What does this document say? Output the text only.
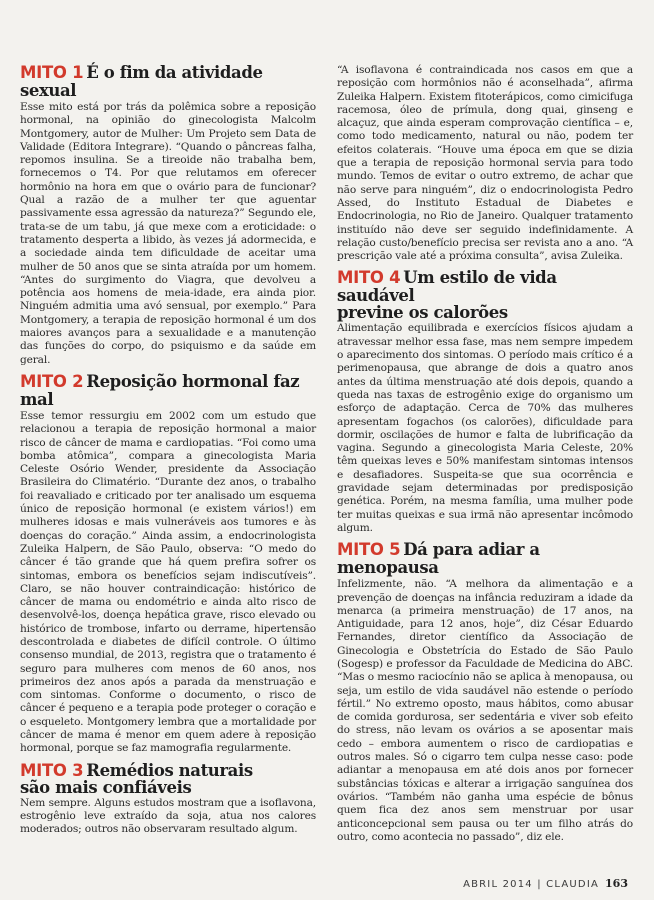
MITO 1 É o fim da atividade sexual

Esse mito está por trás da polêmica sobre a reposição hormonal, na opinião do ginecologista Malcolm Montgomery, autor de Mulher: Um Projeto sem Data de Validade (Editora Integrare). “Quando o pâncreas falha, repomos insulina. Se a tireoide não trabalha bem, fornecemos o T4. Por que relutamos em oferecer hormônio na hora em que o ovário para de funcionar? Qual a razão de a mulher ter que aguentar passivamente essa agressão da natureza?” Segundo ele, trata-se de um tabu, já que mexe com a eroticidade: o tratamento desperta a libido, às vezes já adormecida, e a sociedade ainda tem dificuldade de aceitar uma mulher de 50 anos que se sinta atraída por um homem. “Antes do surgimento do Viagra, que devolveu a potência aos homens de meia-idade, era ainda pior. Ninguém admitia uma avó sensual, por exemplo.” Para Montgomery, a terapia de reposição hormonal é um dos maiores avanços para a sexualidade e a manutenção das funções do corpo, do psiquismo e da saúde em geral.

MITO 2 Reposição hormonal faz mal

Esse temor ressurgiu em 2002 com um estudo que relacionou a terapia de reposição hormonal a maior risco de câncer de mama e cardiopatias. “Foi como uma bomba atômica”, compara a ginecologista Maria Celeste Osório Wender, presidente da Associação Brasileira do Climatério. “Durante dez anos, o trabalho foi reavaliado e criticado por ter analisado um esquema único de reposição hormonal (e existem vários!) em mulheres idosas e mais vulneráveis aos tumores e às doenças do coração.” Ainda assim, a endocrinologista Zuleika Halpern, de São Paulo, observa: “O medo do câncer é tão grande que há quem prefira sofrer os sintomas, embora os benefícios sejam indiscutíveis”. Claro, se não houver contraindicação: histórico de câncer de mama ou endométrio e ainda alto risco de desenvolvê-los, doença hepática grave, risco elevado ou histórico de trombose, infarto ou derrame, hipertensão descontrolada e diabetes de difícil controle. O último consenso mundial, de 2013, registra que o tratamento é seguro para mulheres com menos de 60 anos, nos primeiros dez anos após a parada da menstruação e com sintomas. Conforme o documento, o risco de câncer é pequeno e a terapia pode proteger o coração e o esqueleto. Montgomery lembra que a mortalidade por câncer de mama é menor em quem adere à reposição hormonal, porque se faz mamografia regularmente.

MITO 3 Remédios naturais
são mais confiáveis

Nem sempre. Alguns estudos mostram que a isoflavona, estrogênio leve extraído da soja, atua nos calores moderados; outros não observaram resultado algum.

“A isoflavona é contraindicada nos casos em que a reposição com hormônios não é aconselhada”, afirma Zuleika Halpern. Existem fitoterápicos, como cimicifuga racemosa, óleo de prímula, dong quai, ginseng e alcaçuz, que ainda esperam comprovação científica – e, como todo medicamento, natural ou não, podem ter efeitos colaterais. “Houve uma época em que se dizia que a terapia de reposição hormonal servia para todo mundo. Temos de evitar o outro extremo, de achar que não serve para ninguém”, diz o endocrinologista Pedro Assed, do Instituto Estadual de Diabetes e Endocrinologia, no Rio de Janeiro. Qualquer tratamento instituído não deve ser seguido indefinidamente. A relação custo/benefício precisa ser revista ano a ano. “A prescrição vale até a próxima consulta”, avisa Zuleika.

MITO 4 Um estilo de vida saudável
previne os calorões

Alimentação equilibrada e exercícios físicos ajudam a atravessar melhor essa fase, mas nem sempre impedem o aparecimento dos sintomas. O período mais crítico é a perimenopausa, que abrange de dois a quatro anos antes da última menstruação até dois depois, quando a queda nas taxas de estrogênio exige do organismo um esforço de adaptação. Cerca de 70% das mulheres apresentam fogachos (os calorões), dificuldade para dormir, oscilações de humor e falta de lubrificação da vagina. Segundo a ginecologista Maria Celeste, 20% têm queixas leves e 50% manifestam sintomas intensos e desafiadores. Suspeita-se que sua ocorrência e gravidade sejam determinadas por predisposição genética. Porém, na mesma família, uma mulher pode ter muitas queixas e sua irmã não apresentar incômodo algum.

MITO 5 Dá para adiar a menopausa

Infelizmente, não. “A melhora da alimentação e a prevenção de doenças na infância reduziram a idade da menarca (a primeira menstruação) de 17 anos, na Antiguidade, para 12 anos, hoje”, diz César Eduardo Fernandes, diretor científico da Associação de Ginecologia e Obstetrícia do Estado de São Paulo (Sogesp) e professor da Faculdade de Medicina do ABC. “Mas o mesmo raciocínio não se aplica à menopausa, ou seja, um estilo de vida saudável não estende o período fértil.” No extremo oposto, maus hábitos, como abusar de comida gordurosa, ser sedentária e viver sob efeito do stress, não levam os ovários a se aposentar mais cedo – embora aumentem o risco de cardiopatias e outros males. Só o cigarro tem culpa nesse caso: pode adiantar a menopausa em até dois anos por fornecer substâncias tóxicas e alterar a irrigação sanguínea dos ovários. “Também não ganha uma espécie de bônus quem fica dez anos sem menstruar por usar anticoncepcional sem pausa ou ter um filho atrás do outro, como acontecia no passado”, diz ele.

ABRIL 2014 | CLAUDIA 163
